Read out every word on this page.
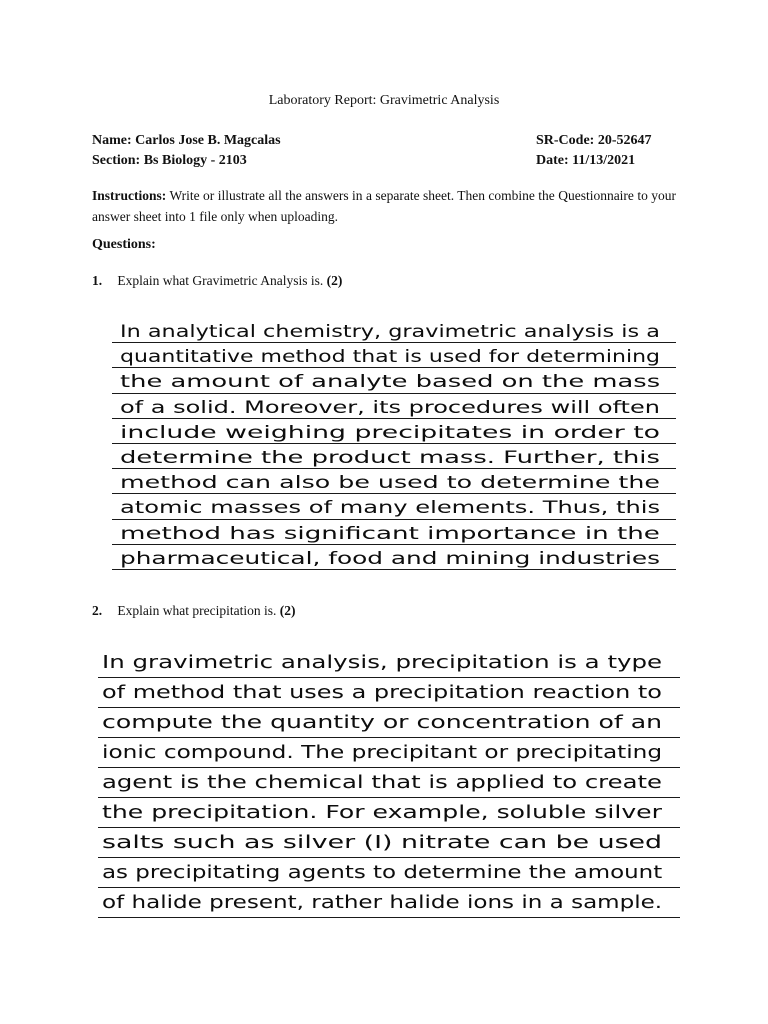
Laboratory Report: Gravimetric Analysis
Name: Carlos Jose B. Magcalas	SR-Code: 20-52647
Section: Bs Biology - 2103	Date: 11/13/2021
Instructions: Write or illustrate all the answers in a separate sheet. Then combine the Questionnaire to your answer sheet into 1 file only when uploading.
Questions:
1. Explain what Gravimetric Analysis is. (2)
In analytical chemistry, gravimetric analysis is a
quantitative method that is used for determining
the amount of analyte based on the mass
of a solid. Moreover, its procedures will often
include weighing precipitates in order to
determine the product mass. Further, this
method can also be used to determine the
atomic masses of many elements. Thus, this
method has significant importance in the
pharmaceutical, food and mining industries
2. Explain what precipitation is. (2)
In gravimetric analysis, precipitation is a type
of method that uses a precipitation reaction to
compute the quantity or concentration of an
ionic compound. The precipitant or precipitating
agent is the chemical that is applied to create
the precipitation. For example, soluble silver
salts such as silver (I) nitrate can be used
as precipitating agents to determine the amount
of halide present, rather halide ions in a sample.
